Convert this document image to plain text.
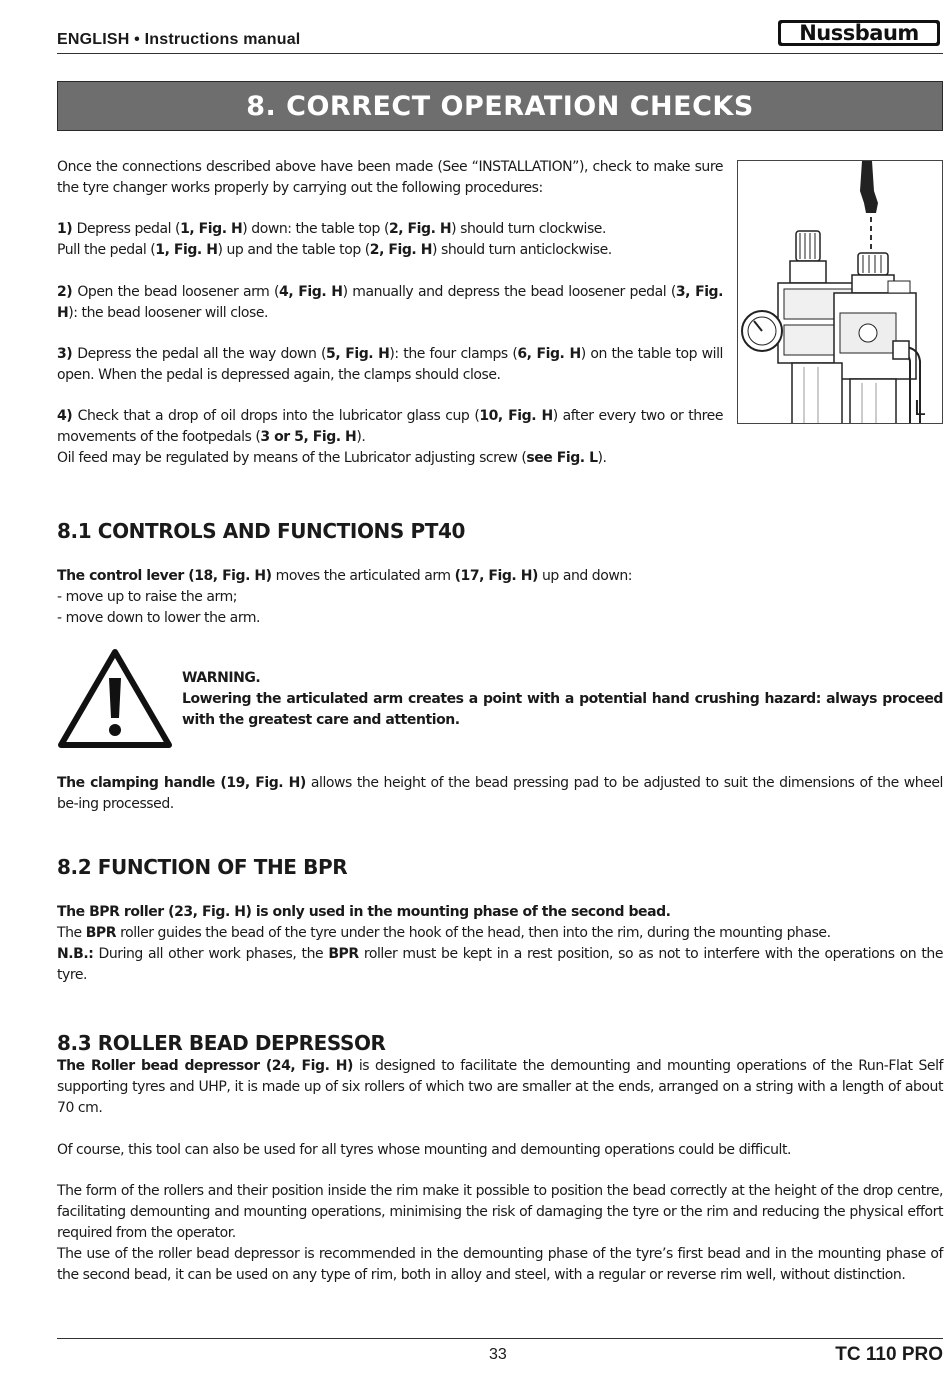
ENGLISH • Instructions manual	Nussbaum
8. CORRECT OPERATION CHECKS
Once the connections described above have been made (See “INSTALLATION”), check to make sure the tyre changer works properly by carrying out the following procedures:
1) Depress pedal (1, Fig. H) down: the table top (2, Fig. H) should turn clockwise.
Pull the pedal (1, Fig. H) up and the table top (2, Fig. H) should turn anticlockwise.
2) Open the bead loosener arm (4, Fig. H) manually and depress the bead loosener pedal (3, Fig. H): the bead loosener will close.
3) Depress the pedal all the way down (5, Fig. H): the four clamps (6, Fig. H) on the table top will open. When the pedal is depressed again, the clamps should close.
4) Check that a drop of oil drops into the lubricator glass cup (10, Fig. H) after every two or three movements of the footpedals (3 or 5, Fig. H).
Oil feed may be regulated by means of the Lubricator adjusting screw (see Fig. L).
L
8.1 CONTROLS AND FUNCTIONS PT40
The control lever (18, Fig. H) moves the articulated arm (17, Fig. H) up and down:
- move up to raise the arm;
- move down to lower the arm.
WARNING.
Lowering the articulated arm creates a point with a potential hand crushing hazard: always proceed with the greatest care and attention.
The clamping handle (19, Fig. H) allows the height of the bead pressing pad to be adjusted to suit the dimensions of the wheel be-ing processed.
8.2 FUNCTION OF THE BPR
The BPR roller (23, Fig. H) is only used in the mounting phase of the second bead.
The BPR roller guides the bead of the tyre under the hook of the head, then into the rim, during the mounting phase.
N.B.: During all other work phases, the BPR roller must be kept in a rest position, so as not to interfere with the operations on the tyre.
8.3 ROLLER BEAD DEPRESSOR
The Roller bead depressor (24, Fig. H) is designed to facilitate the demounting and mounting operations of the Run-Flat Self supporting tyres and UHP, it is made up of six rollers of which two are smaller at the ends, arranged on a string with a length of about 70 cm.
Of course, this tool can also be used for all tyres whose mounting and demounting operations could be difficult.
The form of the rollers and their position inside the rim make it possible to position the bead correctly at the height of the drop centre, facilitating demounting and mounting operations, minimising the risk of damaging the tyre or the rim and reducing the physical effort required from the operator.
The use of the roller bead depressor is recommended in the demounting phase of the tyre’s first bead and in the mounting phase of the second bead, it can be used on any type of rim, both in alloy and steel, with a regular or reverse rim well, without distinction.
33	TC 110 PRO
